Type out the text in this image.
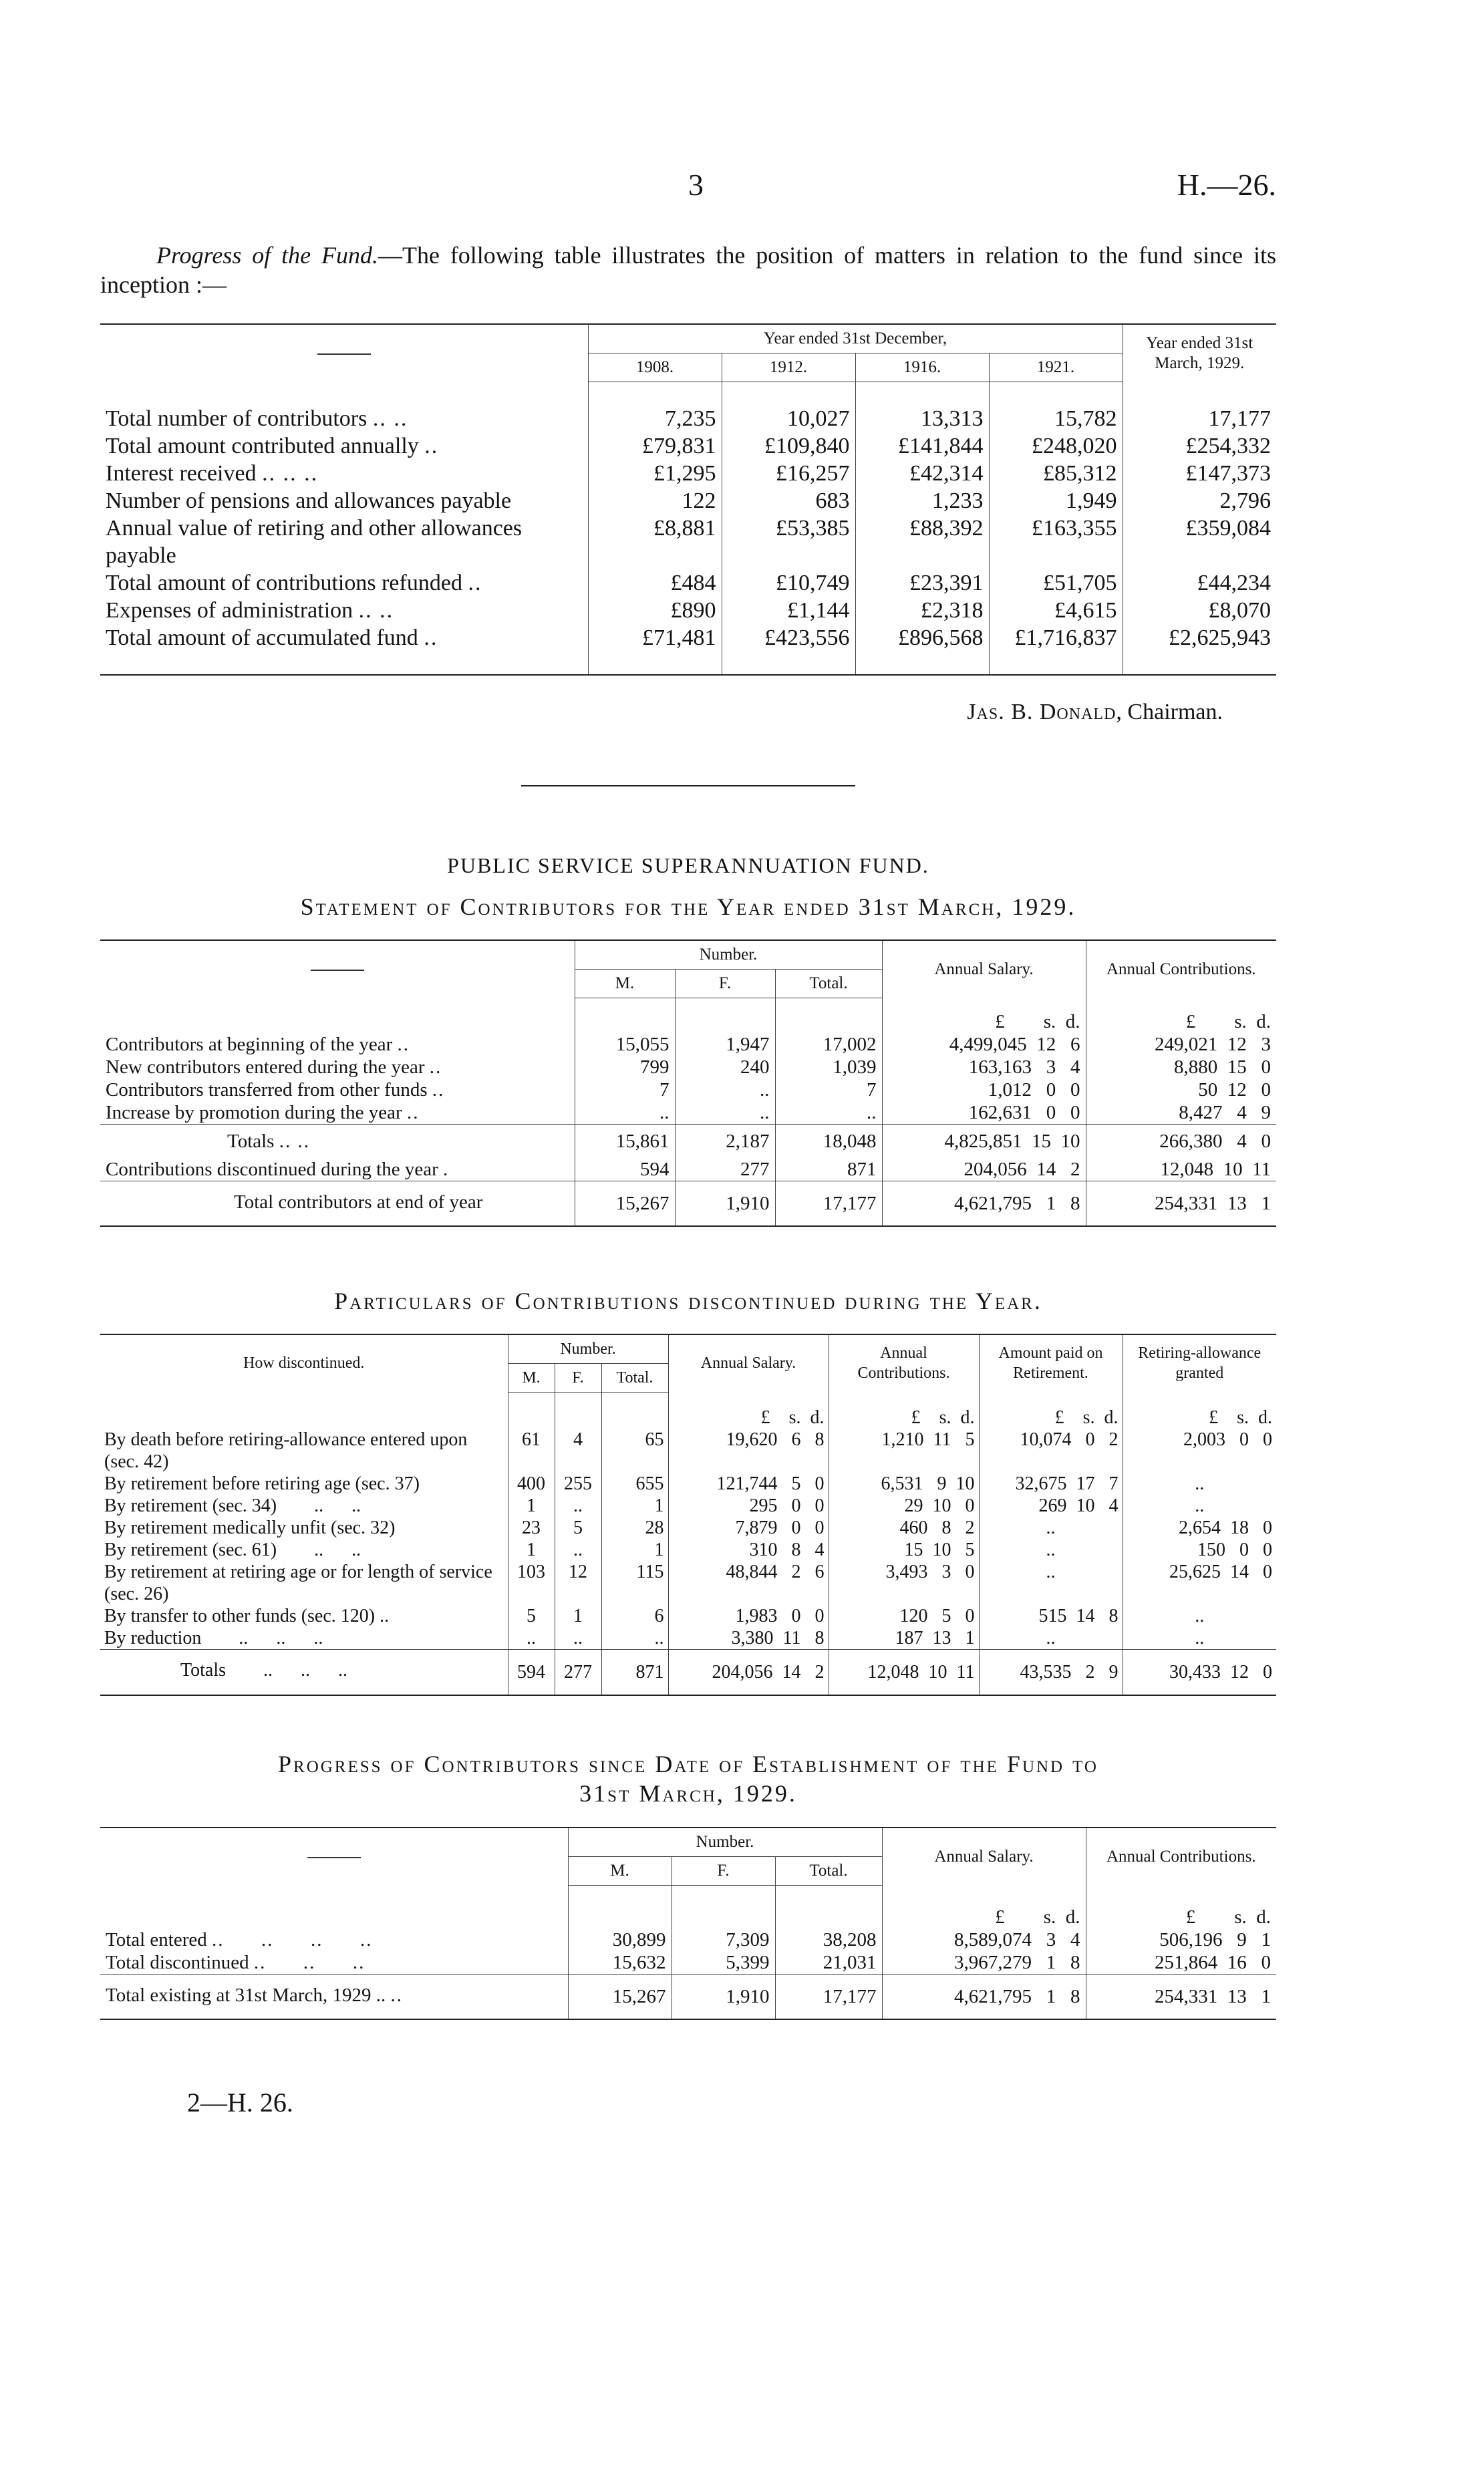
3	H.—26.

Progress of the Fund.—The following table illustrates the position of matters in relation to the fund since its inception :—

	Year ended 31st December,				Year ended 31st March, 1929.
	1908.	1912.	1916.	1921.	

Total number of contributors .. ..	7,235	10,027	13,313	15,782	17,177
Total amount contributed annually ..	£79,831	£109,840	£141,844	£248,020	£254,332
Interest received .. .. ..	£1,295	£16,257	£42,314	£85,312	£147,373
Number of pensions and allowances payable	122	683	1,233	1,949	2,796
Annual value of retiring and other allowances payable	£8,881	£53,385	£88,392	£163,355	£359,084
Total amount of contributions refunded ..	£484	£10,749	£23,391	£51,705	£44,234
Expenses of administration .. ..	£890	£1,144	£2,318	£4,615	£8,070
Total amount of accumulated fund ..	£71,481	£423,556	£896,568	£1,716,837	£2,625,943

Jas. B. Donald, Chairman.
PUBLIC SERVICE SUPERANNUATION FUND.
Statement of Contributors for the Year ended 31st March, 1929.
	Number.			Annual Salary.	Annual Contributions.
	M.	F.	Total.		
				£        s.  d.	£        s.  d.
Contributors at beginning of the year ..	15,055	1,947	17,002	4,499,045  12   6	249,021  12   3
New contributors entered during the year ..	799	240	1,039	163,163   3   4	8,880  15   0
Contributors transferred from other funds ..	7	..	7	1,012   0   0	50  12   0
Increase by promotion during the year ..	..	..	..	162,631   0   0	8,427   4   9
Totals .. ..	15,861	2,187	18,048	4,825,851  15  10	266,380   4   0
Contributions discontinued during the year .	594	277	871	204,056  14   2	12,048  10  11
Total contributors at end of year	15,267	1,910	17,177	4,621,795   1   8	254,331  13   1
Particulars of Contributions discontinued during the Year.
How discontinued.	Number.			Annual Salary.	Annual Contributions.	Amount paid on Retirement.	Retiring-allowance granted
	M.	F.	Total.				
				£    s.  d.	£    s.  d.	£    s.  d.	£    s.  d.
By death before retiring-allowance entered upon (sec. 42)	61	4	65	19,620   6   8	1,210  11   5	10,074   0   2	2,003   0   0
By retirement before retiring age (sec. 37)	400	255	655	121,744   5   0	6,531   9  10	32,675  17   7	..
By retirement (sec. 34)        ..      ..	1	..	1	295   0   0	29  10   0	269  10   4	..
By retirement medically unfit (sec. 32)	23	5	28	7,879   0   0	460   8   2	..	2,654  18   0
By retirement (sec. 61)        ..      ..	1	..	1	310   8   4	15  10   5	..	150   0   0
By retirement at retiring age or for length of service (sec. 26)	103	12	115	48,844   2   6	3,493   3   0	..	25,625  14   0
By transfer to other funds (sec. 120) ..	5	1	6	1,983   0   0	120   5   0	515  14   8	..
By reduction        ..      ..      ..	..	..	..	3,380  11   8	187  13   1	..	..
Totals        ..      ..      ..	594	277	871	204,056  14   2	12,048  10  11	43,535   2   9	30,433  12   0
Progress of Contributors since Date of Establishment of the Fund to
31st March, 1929.
	Number.			Annual Salary.	Annual Contributions.
	M.	F.	Total.		
				£        s.  d.	£        s.  d.
Total entered ..      ..      ..      ..	30,899	7,309	38,208	8,589,074   3   4	506,196   9   1
Total discontinued ..      ..      ..	15,632	5,399	21,031	3,967,279   1   8	251,864  16   0
Total existing at 31st March, 1929 .. ..	15,267	1,910	17,177	4,621,795   1   8	254,331  13   1
2—H. 26.
